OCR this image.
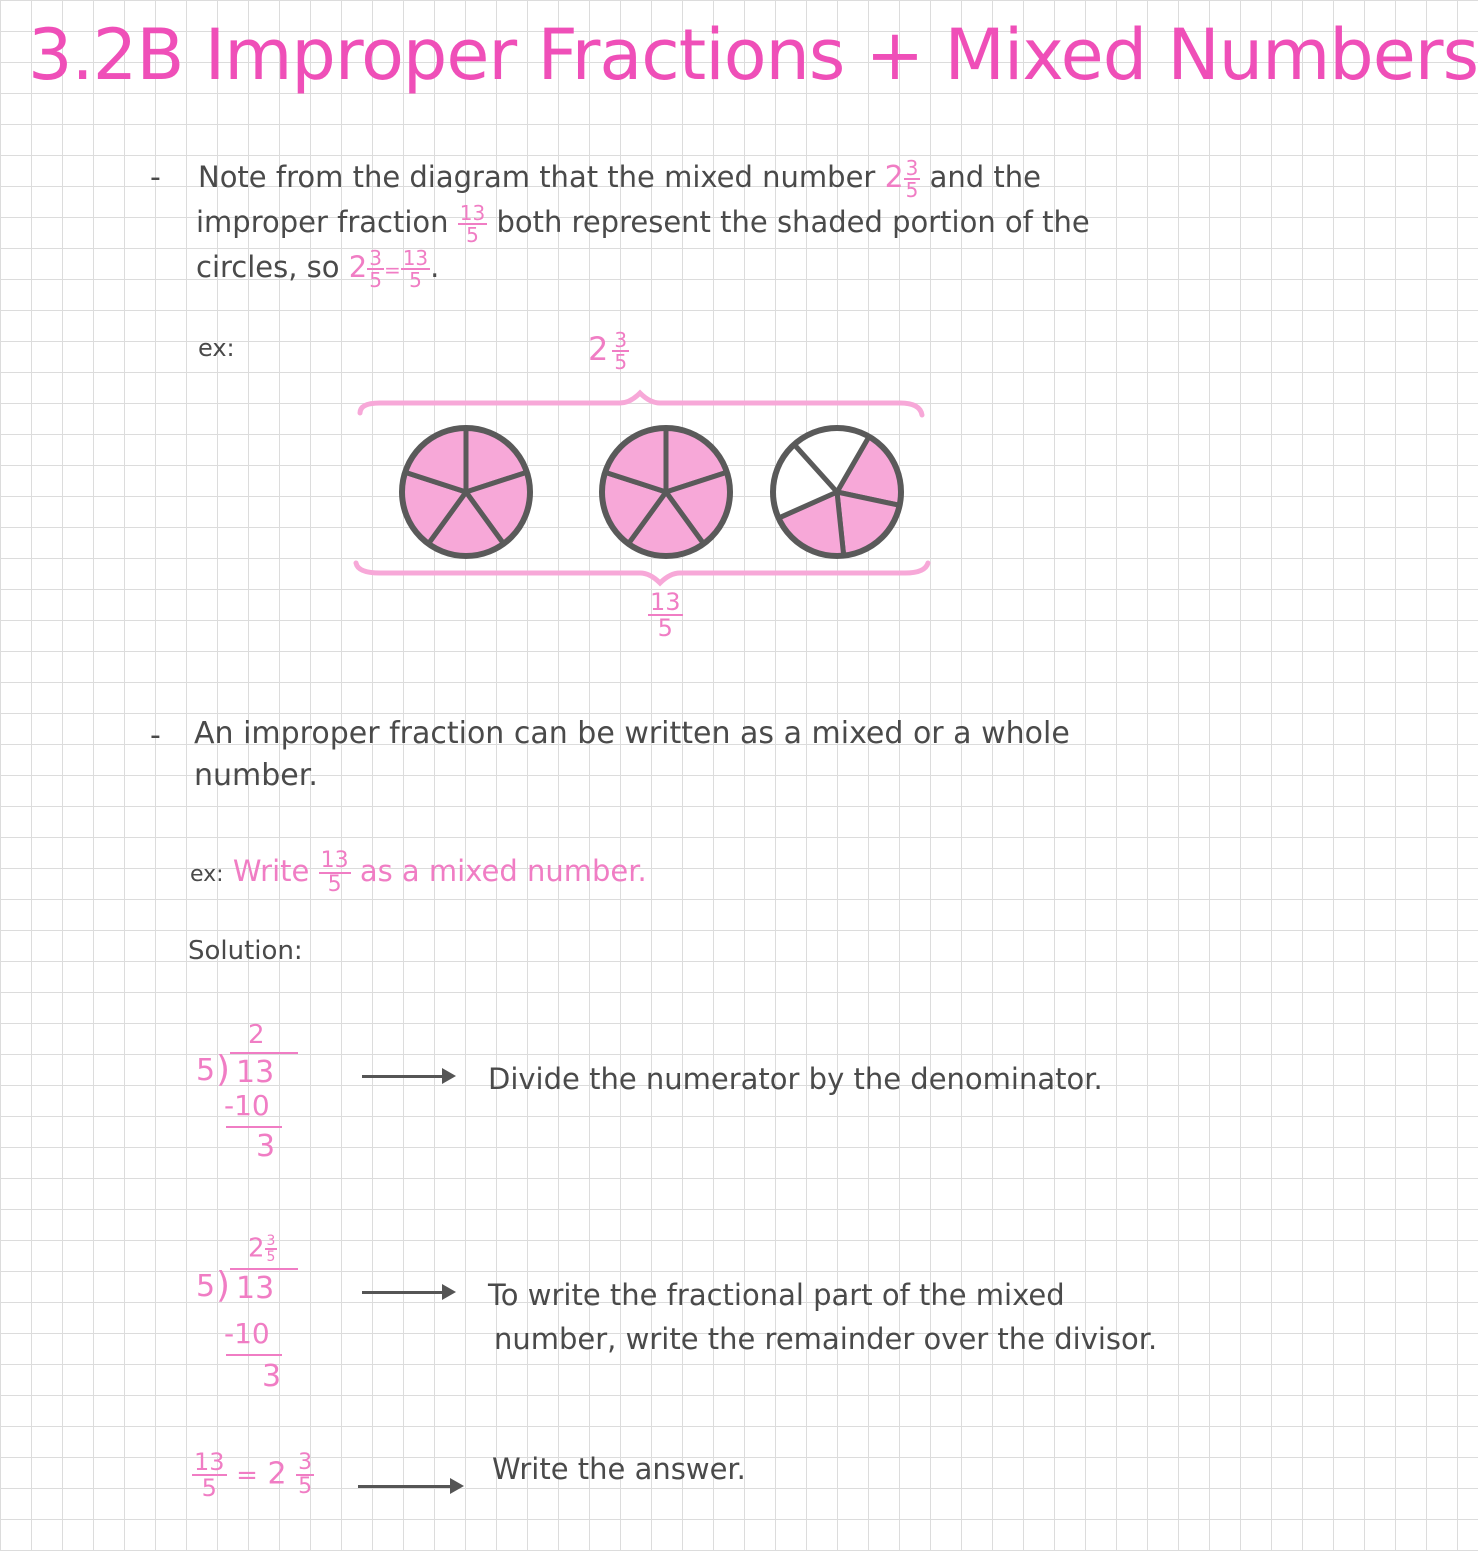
3.2B Improper Fractions + Mixed Numbers
- Note from the diagram that the mixed number $2 \frac{3}{5}$ and the
improper fraction $\frac{13}{5}$ both represent the shaded portion of the
circles, so $2 \frac{3}{5} = \frac{13}{5}$ .
ex:	$2 \frac{3}{5}$
$\frac{13}{5}$
- An improper fraction can be written as a mixed or a whole
number.
ex: Write $\frac{13}{5}$ as a mixed number.
Solution:
2
5 ) 13
-10
3
Divide the numerator by the denominator.
$2 \frac{3}{5}$
5 ) 13
-10
3
To write the fractional part of the mixed
number, write the remainder over the divisor.
$\frac{13}{5} = 2 \frac{3}{5}$	Write the answer.
